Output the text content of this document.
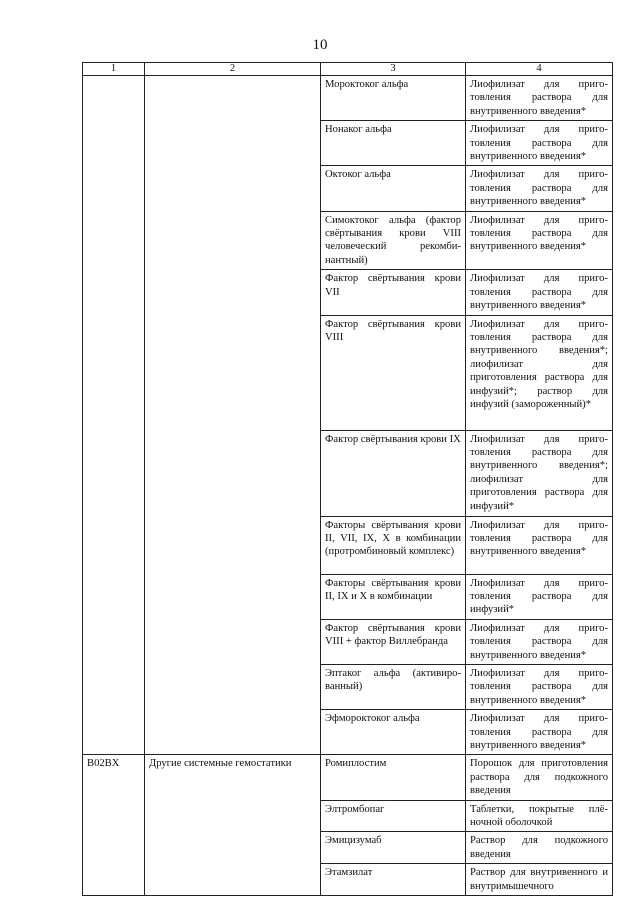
10
1	2	3	4

		Мороктоког альфа	Лиофилизат для приготовления раствора для внутривенного введения*

		Нонаког альфа	Лиофилизат для приготовления раствора для внутривенного введения*

		Октоког альфа	Лиофилизат для приготовления раствора для внутривенного введения*

		Симоктоког альфа (фактор свёртывания крови VIII человеческий рекомбинантный)	Лиофилизат для приготовления раствора для внутривенного введения*

		Фактор свёртывания крови VII	Лиофилизат для приготовления раствора для внутривенного введения*

		Фактор свёртывания крови VIII	Лиофилизат для приготовления раствора для внутривенного введения*; лиофилизат для приготовления раствора для инфузий*; раствор для инфузий (замороженный)*

		Фактор свёртывания крови IX	Лиофилизат для приготовления раствора для внутривенного введения*; лиофилизат для приготовления раствора для инфузий*

		Факторы свёртывания крови II, VII, IX, X в комбинации (протромбиновый комплекс)	Лиофилизат для приготовления раствора для внутривенного введения*

		Факторы свёртывания крови II, IX и X в комбинации	Лиофилизат для приготовления раствора для инфузий*

		Фактор свёртывания крови VIII + фактор Виллебранда	Лиофилизат для приготовления раствора для внутривенного введения*

		Эптаког альфа (активированный)	Лиофилизат для приготовления раствора для внутривенного введения*

		Эфмороктоког альфа	Лиофилизат для приготовления раствора для внутривенного введения*

B02BX	Другие системные гемостатики	Ромиплостим	Порошок для приготовления раствора для подкожного введения

		Элтромбопаг	Таблетки, покрытые плёночной оболочкой

		Эмицизумаб	Раствор для подкожного введения

		Этамзилат	Раствор для внутривенного и внутримышечного
